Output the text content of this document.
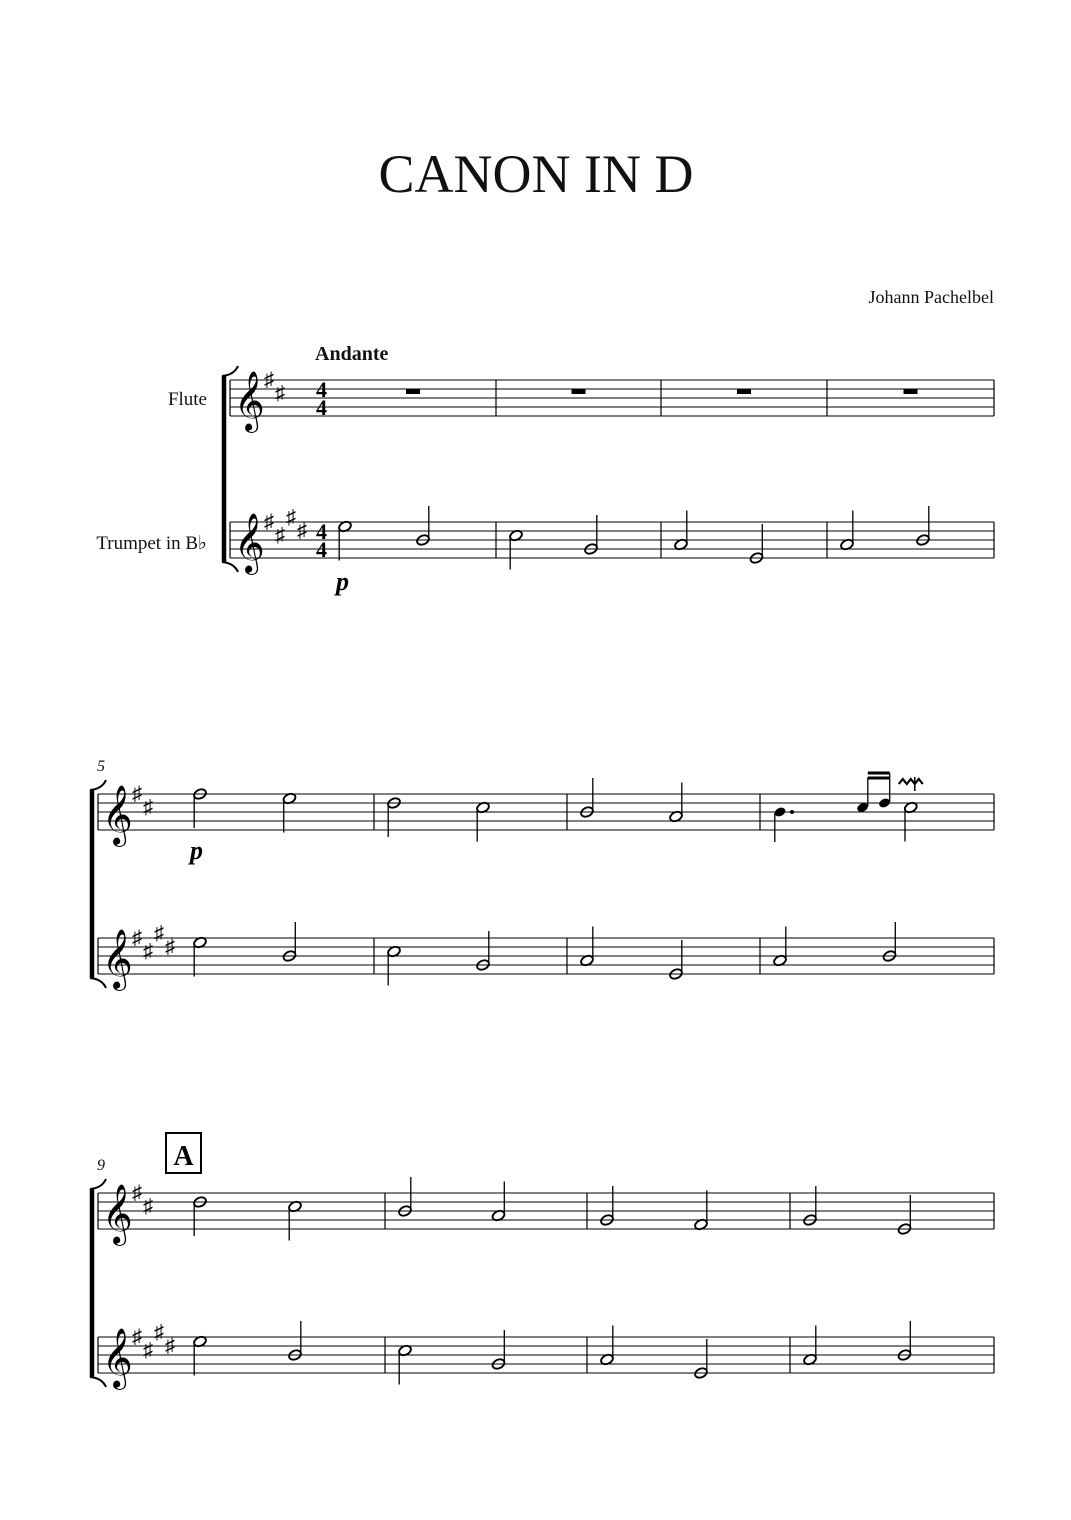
CANON IN D
Johann Pachelbel
Andante
Flute
Trumpet in B♭
5
9 A
𝄞
𝄞
♯
♯
♯
♯
♯
♯
4
4
4
4
p
𝄞
𝄞
♯
♯
♯
♯
♯
♯
p
𝄞
𝄞
♯
♯
♯
♯
♯
♯
